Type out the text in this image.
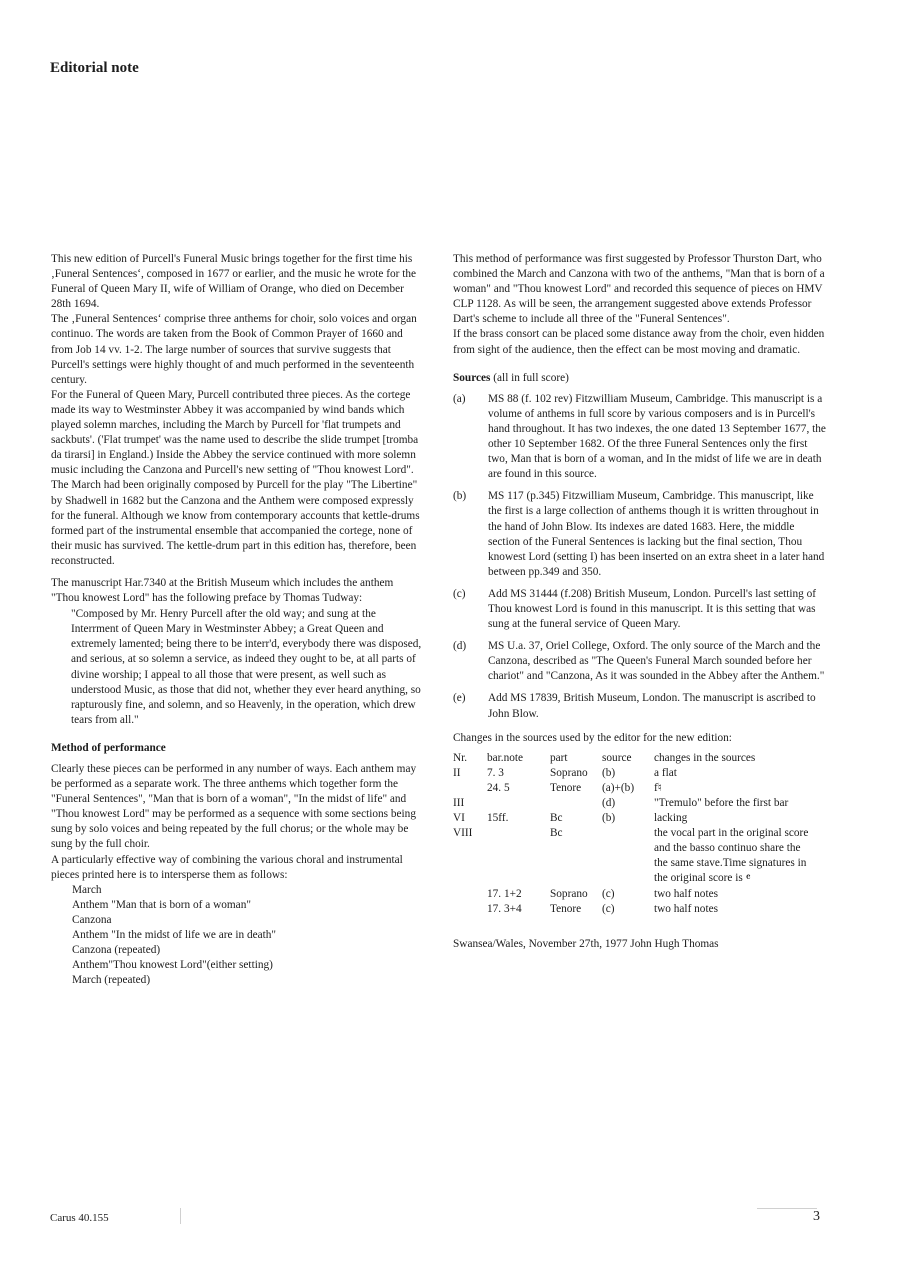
Editorial note

This new edition of Purcell's Funeral Music brings together for the first time his ‚Funeral Sentences‘, composed in 1677 or earlier, and the music he wrote for the Funeral of Queen Mary II, wife of William of Orange, who died on December 28th 1694.

The ‚Funeral Sentences‘ comprise three anthems for choir, solo voices and organ continuo. The words are taken from the Book of Common Prayer of 1660 and from Job 14 vv. 1-2. The large number of sources that survive suggests that Purcell's settings were highly thought of and much performed in the seventeenth century.

For the Funeral of Queen Mary, Purcell contributed three pieces. As the cortege made its way to Westminster Abbey it was accompanied by wind bands which played solemn marches, including the March by Purcell for 'flat trumpets and sackbuts'. ('Flat trumpet' was the name used to describe the slide trumpet [tromba da tirarsi] in England.) Inside the Abbey the service continued with more solemn music including the Canzona and Purcell's new setting of "Thou knowest Lord". The March had been originally composed by Purcell for the play "The Libertine" by Shadwell in 1682 but the Canzona and the Anthem were composed expressly for the funeral. Although we know from contemporary accounts that kettle-drums formed part of the instrumental ensemble that accompanied the cortege, none of their music has survived. The kettle-drum part in this edition has, therefore, been reconstructed.

The manuscript Har.7340 at the British Museum which includes the anthem "Thou knowest Lord" has the following preface by Thomas Tudway:

"Composed by Mr. Henry Purcell after the old way; and sung at the Interrment of Queen Mary in Westminster Abbey; a Great Queen and extremely lamented; being there to be interr'd, everybody there was disposed, and serious, at so solemn a service, as indeed they ought to be, at all parts of divine worship; I appeal to all those that were present, as well such as understood Music, as those that did not, whether they ever heard anything, so rapturously fine, and solemn, and so Heavenly, in the operation, which drew tears from all."

Method of performance

Clearly these pieces can be performed in any number of ways. Each anthem may be performed as a separate work. The three anthems which together form the "Funeral Sentences", "Man that is born of a woman", "In the midst of life" and "Thou knowest Lord" may be performed as a sequence with some sections being sung by solo voices and being repeated by the full chorus; or the whole may be sung by the full choir.

A particularly effective way of combining the various choral and instrumental pieces printed here is to intersperse them as follows:

March
Anthem "Man that is born of a woman"
Canzona
Anthem "In the midst of life we are in death"
Canzona (repeated)
Anthem"Thou knowest Lord"(either setting)
March (repeated)

This method of performance was first suggested by Professor Thurston Dart, who combined the March and Canzona with two of the anthems, "Man that is born of a woman" and "Thou knowest Lord" and recorded this sequence of pieces on HMV CLP 1128. As will be seen, the arrangement suggested above extends Professor Dart's scheme to include all three of the "Funeral Sentences".

If the brass consort can be placed some distance away from the choir, even hidden from sight of the audience, then the effect can be most moving and dramatic.

Sources (all in full score)

(a)	MS 88 (f. 102 rev) Fitzwilliam Museum, Cambridge. This manuscript is a volume of anthems in full score by various composers and is in Purcell's hand throughout. It has two indexes, the one dated 13 September 1677, the other 10 September 1682. Of the three Funeral Sentences only the first two, Man that is born of a woman, and In the midst of life we are in death are found in this source.
(b)	MS 117 (p.345) Fitzwilliam Museum, Cambridge. This manuscript, like the first is a large collection of anthems though it is written throughout in the hand of John Blow. Its indexes are dated 1683. Here, the middle section of the Funeral Sentences is lacking but the final section, Thou knowest Lord (setting I) has been inserted on an extra sheet in a later hand between pp.349 and 350.
(c)	Add MS 31444 (f.208) British Museum, London. Purcell's last setting of Thou knowest Lord is found in this manuscript. It is this setting that was sung at the funeral service of Queen Mary.
(d)	MS U.a. 37, Oriel College, Oxford. The only source of the March and the Canzona, described as "The Queen's Funeral March sounded before her chariot" and "Canzona, As it was sounded in the Abbey after the Anthem."
(e)	Add MS 17839, British Museum, London. The manuscript is ascribed to John Blow.

Changes in the sources used by the editor for the new edition:

Nr.	bar.note	part	source	changes in the sources
II	7. 3	Soprano	(b)	a flat
	24. 5	Tenore	(a)+(b)	f♮
III			(d)	"Tremulo" before the first bar
VI	15ff.	Bc	(b)	lacking
VIII		Bc		the vocal part in the original score and the basso continuo share the the same stave.Time signatures in the original score is 𝄴
	17. 1+2	Soprano	(c)	two half notes
	17. 3+4	Tenore	(c)	two half notes

Swansea/Wales, November 27th, 1977 John Hugh Thomas

Carus 40.155	3
